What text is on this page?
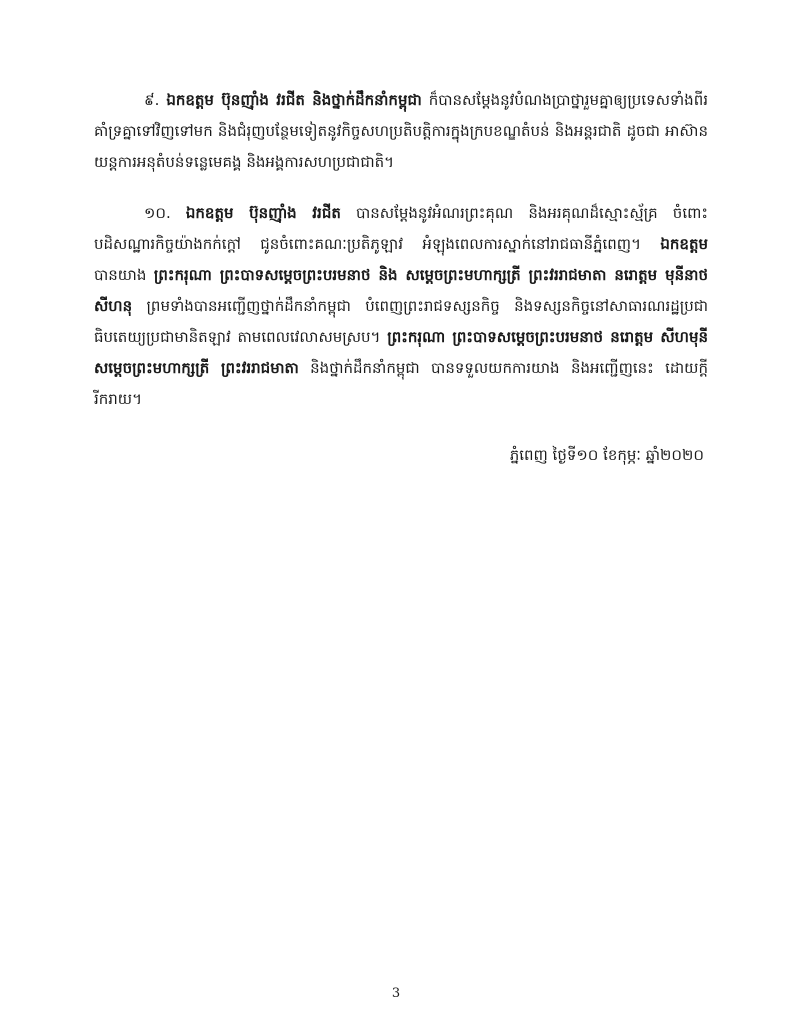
៩. ឯកឧត្តម ប៊ុនញ៉ាំង វរជីត និងថ្នាក់ដឹកនាំកម្ពុជា ក៏បានសម្តែងនូវបំណងប្រាថ្នារួមគ្នាឲ្យប្រទេសទាំងពីរគាំទ្រគ្នាទៅវិញទៅមក និងជំរុញបន្ថែមទៀតនូវកិច្ចសហប្រតិបត្តិការក្នុងក្របខណ្ឌតំបន់ និងអន្តរជាតិ ដូចជា អាស៊ាន យន្តការអនុតំបន់ទន្លេមេគង្គ និងអង្គការសហប្រជាជាតិ។

១០. ឯកឧត្តម ប៊ុនញ៉ាំង វរជីត បានសម្តែងនូវអំណរព្រះគុណ និងអរគុណដ៏ស្មោះស្ម័គ្រ ចំពោះបដិសណ្ឋារកិច្ចយ៉ាងកក់ក្តៅ ជូនចំពោះគណៈប្រតិភូឡាវ អំឡុងពេលការស្នាក់នៅរាជធានីភ្នំពេញ។ ឯកឧត្តម បានយាង ព្រះករុណា ព្រះបាទសម្តេចព្រះបរមនាថ និង សម្តេចព្រះមហាក្សត្រី ព្រះវររាជមាតា នរោត្តម មុនីនាថ សីហនុ ព្រមទាំងបានអញ្ជើញថ្នាក់ដឹកនាំកម្ពុជា បំពេញព្រះរាជទស្សនកិច្ច និងទស្សនកិច្ចនៅសាធារណរដ្ឋប្រជាធិបតេយ្យប្រជាមានិតឡាវ តាមពេលវេលាសមស្រប។ ព្រះករុណា ព្រះបាទសម្តេចព្រះបរមនាថ នរោត្តម សីហមុនី សម្តេចព្រះមហាក្សត្រី ព្រះវររាជមាតា និងថ្នាក់ដឹកនាំកម្ពុជា បានទទួលយកការយាង និងអញ្ជើញនេះ ដោយក្តីរីករាយ។

ភ្នំពេញ ថ្ងៃទី១០ ខែកុម្ភៈ ឆ្នាំ២០២០

3
